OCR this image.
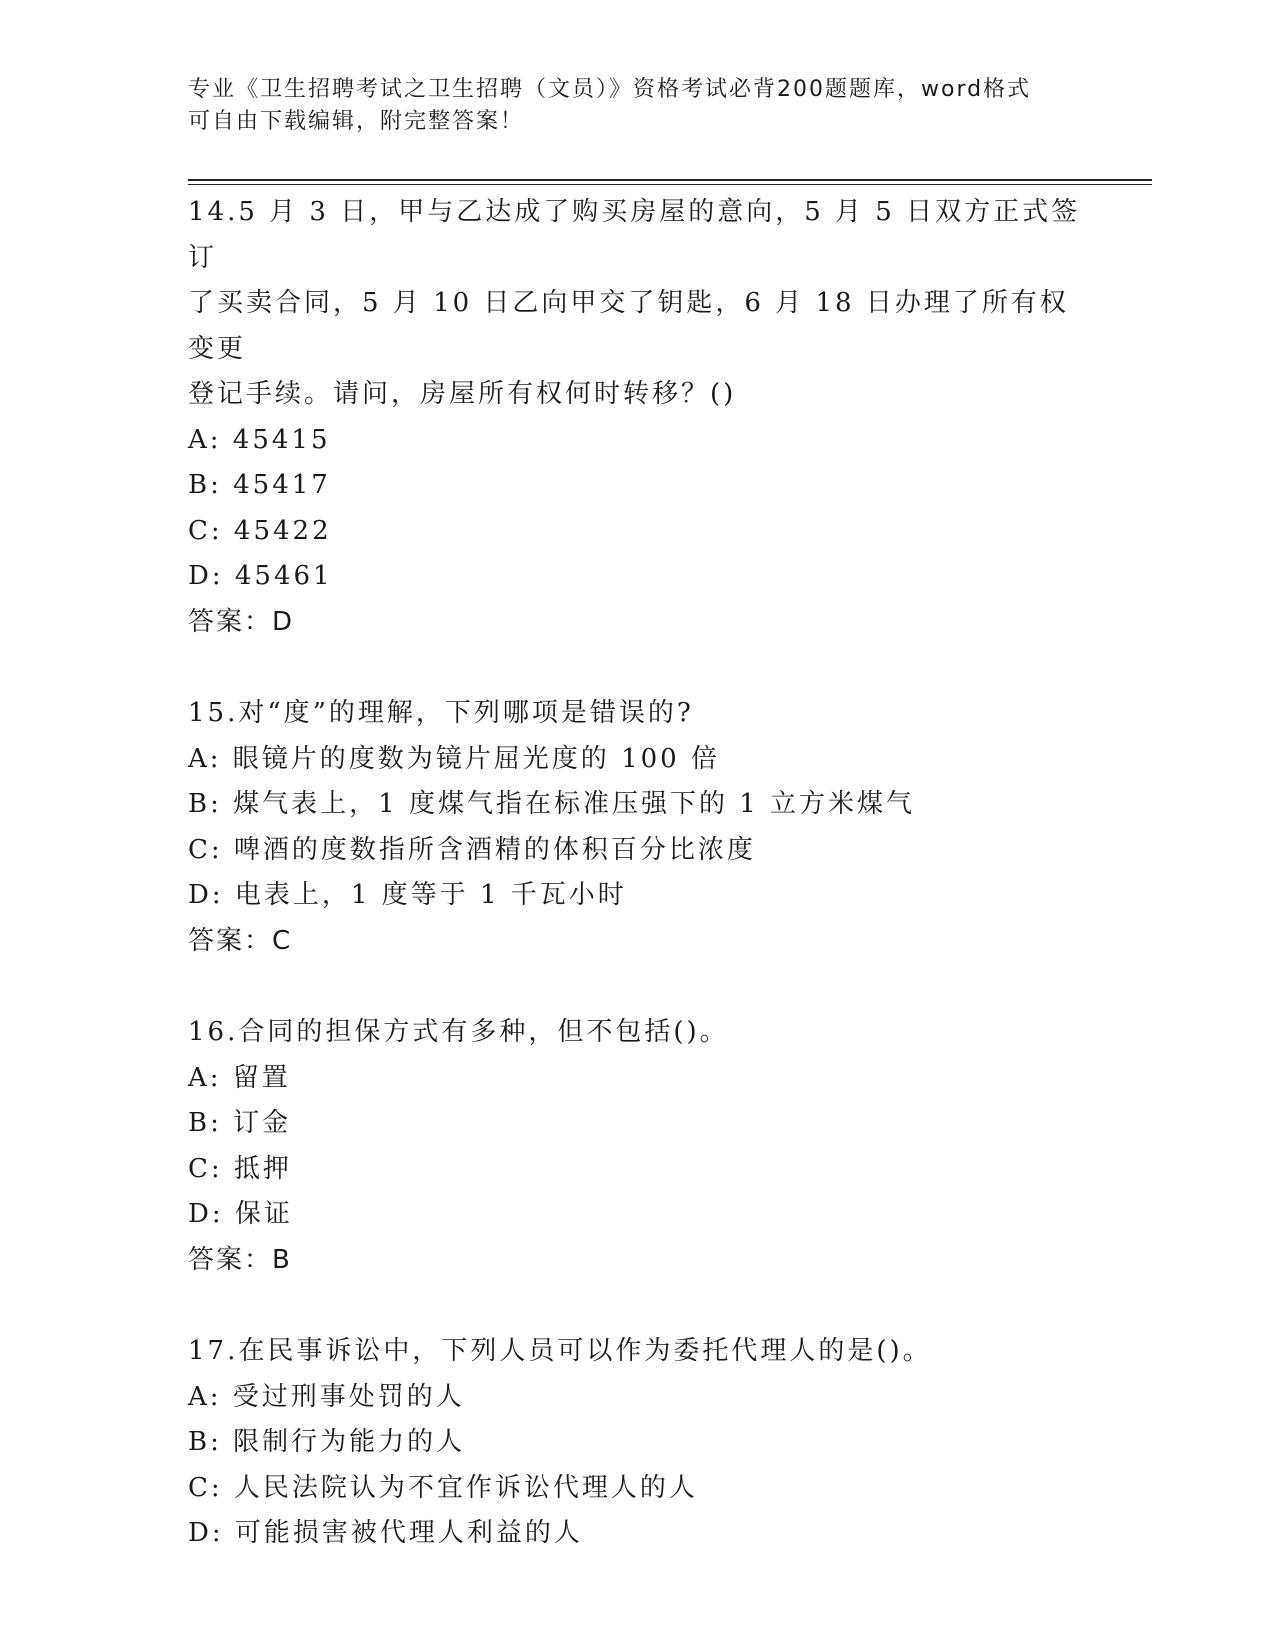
专业《卫生招聘考试之卫生招聘（文员）》资格考试必背200题题库，word格式
可自由下载编辑，附完整答案！
14.5 月 3 日，甲与乙达成了购买房屋的意向，5 月 5 日双方正式签订
了买卖合同，5 月 10 日乙向甲交了钥匙，6 月 18 日办理了所有权变更
登记手续。请问，房屋所有权何时转移？()
A: 45415
B: 45417
C: 45422
D: 45461
答案：D
15.对“度”的理解，下列哪项是错误的?
A: 眼镜片的度数为镜片屈光度的 100 倍
B: 煤气表上，1 度煤气指在标准压强下的 1 立方米煤气
C: 啤酒的度数指所含酒精的体积百分比浓度
D: 电表上，1 度等于 1 千瓦小时
答案：C
16.合同的担保方式有多种，但不包括()。
A: 留置
B: 订金
C: 抵押
D: 保证
答案：B
17.在民事诉讼中，下列人员可以作为委托代理人的是()。
A: 受过刑事处罚的人
B: 限制行为能力的人
C: 人民法院认为不宜作诉讼代理人的人
D: 可能损害被代理人利益的人
